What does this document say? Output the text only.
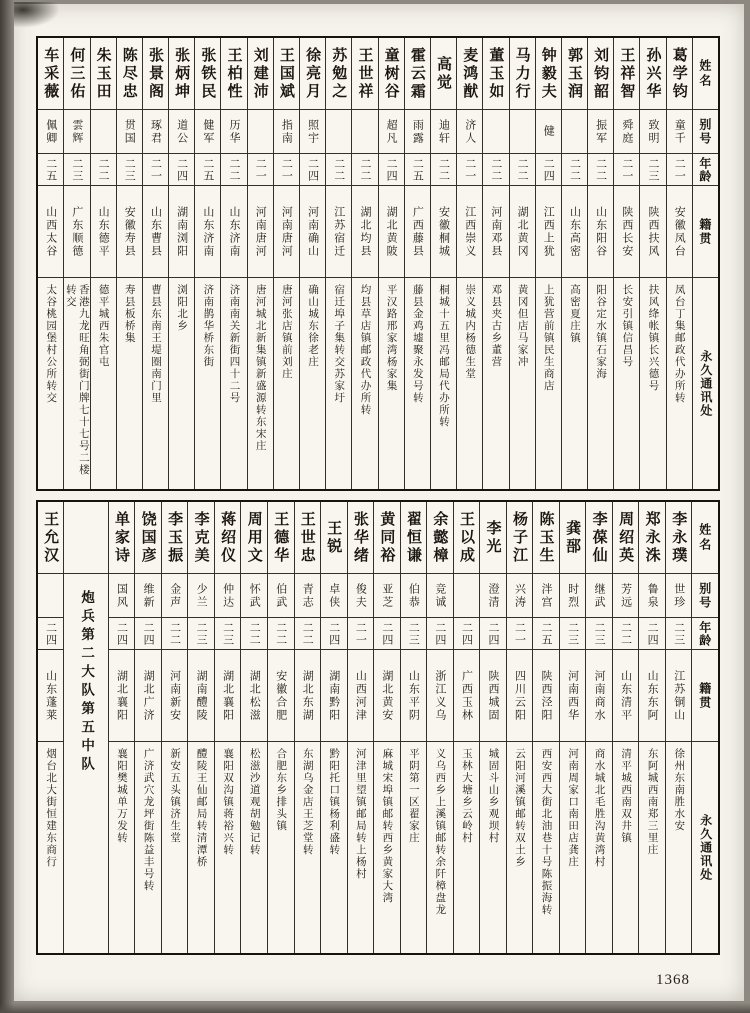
姓名
别号
年龄
籍贯
永久通讯处
葛学钧
童千
二一
安徽凤台
凤台丁集邮政代办所转
孙兴华
致明
二三
陕西扶风
扶风绛帐镇长兴德号
王祥智
舜庭
二一
陕西长安
长安引镇信昌号
刘钧韶
振军
二二
山东阳谷
阳谷定水镇石家海
郭玉润
二二
山东高密
高密夏庄镇
钟毅夫
健
二四
江西上犹
上犹营前镇民生商店
马力行
二二
湖北黄冈
黄冈但店马家冲
董玉如
二二
河南邓县
邓县夹古乡董营
麦鸿猷
济人
二一
江西崇义
崇义城内杨德生堂
高觉
迪轩
二二
安徽桐城
桐城十五里冯邮局代办所转
霍云霜
雨露
二五
广西藤县
藤县金鸡墟聚永发号转
童树谷
超凡
二四
湖北黄陂
平汉路邢家湾杨家集
王世祥
二二
湖北均县
均县草店镇邮政代办所转
苏勉之
二二
江苏宿迁
宿迁埠子集转交苏家圩
徐亮月
照宇
二四
河南确山
确山城东徐老庄
王国斌
指南
二一
河南唐河
唐河张店镇前刘庄
刘建沛
二一
河南唐河
唐河城北新集镇新盛源转东宋庄
王柏性
历华
二二
山东济南
济南南关新街四十二号
张铁民
健军
二五
山东济南
济南鹊华桥东街
张炳坤
道公
二四
湖南浏阳
浏阳北乡
张景阁
琢君
二一
山东曹县
曹县东南王堤圈南门里
陈尽忠
贯国
二三
安徽寿县
寿县板桥集
朱玉田
二二
山东德平
德平城西朱官屯
何三佑
雲辉
二三
广东顺德
香港九龙旺角弼街门牌七十七号二楼转交
车采薇
佩卿
二五
山西太谷
太谷桃园堡村公所转交
姓名
别号
年龄
籍贯
永久通讯处
李永璞
世珍
二三
江苏铜山
徐州东南胜水安
郑永洙
鲁泉
二四
山东东阿
东阿城西南郑三里庄
周绍英
芳远
二二
山东清平
清平城西南双井镇
李葆仙
继武
二三
河南商水
商水城北毛胜沟黄湾村
龚郚
时烈
二三
河南西华
河南周家口南田店龚庄
陈玉生
泮宫
二五
陕西泾阳
西安西大街北油巷十号陈振海转
杨子江
兴涛
二一
四川云阳
云阳河溪镇邮转双土乡
李光
澄清
二四
陕西城固
城固斗山乡观坝村
王以成
二四
广西玉林
玉林大塘乡云岭村
余懿樟
竞诚
二四
浙江义乌
义乌西乡上溪镇邮转余阡樟盘龙
翟恒谦
伯恭
二三
山东平阴
平阴第一区翟家庄
黄同裕
亚芝
二四
湖北黄安
麻城宋埠镇邮转西乡黄家大湾
张华绪
俊夫
二一
山西河津
河津里望镇邮局转上杨村
王锐
卓侠
二四
湖南黔阳
黔阳托口镇杨利盛转
王世忠
青志
二二
湖北东湖
东湖乌金店王芝堂转
王德华
伯武
二二
安徽合肥
合肥东乡排头镇
周用文
怀武
二二
湖北松滋
松滋沙道观胡勉记转
蒋绍仪
仲达
二三
湖北襄阳
襄阳双沟镇蒋裕兴转
李克美
少兰
二三
湖南醴陵
醴陵王仙邮局转清潭桥
李玉振
金声
二二
河南新安
新安五头镇济生堂
饶国彦
维新
二四
湖北广济
广济武穴龙坪街陈益丰号转
单家诗
国风
二四
湖北襄阳
襄阳樊城单万发转
炮兵第二大队第五中队
王允汉
二四
山东蓬莱
烟台北大街恒建东商行
1368
